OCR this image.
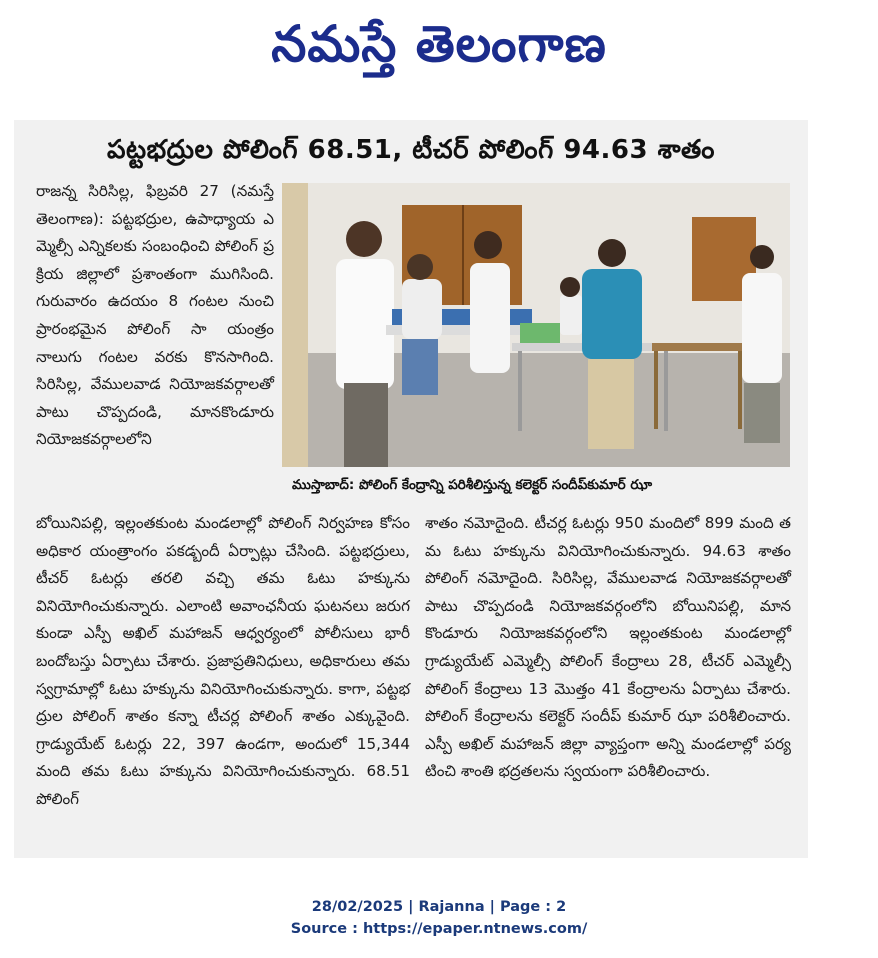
నమస్తే తెలంగాణ
పట్టభద్రుల పోలింగ్ 68.51, టీచర్ పోలింగ్ 94.63 శాతం
రాజన్న సిరిసిల్ల, ఫిబ్రవరి 27 (నమస్తే తెలంగాణ): పట్టభద్రుల, ఉపాధ్యాయ ఎమ్మెల్సీ ఎన్నికలకు సంబంధించి పోలింగ్ ప్రక్రియ జిల్లాలో ప్రశాంతంగా ముగిసింది. గురువారం ఉదయం 8 గంటల నుంచి ప్రారంభమైన పోలింగ్ సా యంత్రం నాలుగు గంటల వరకు కొనసాగింది. సిరిసిల్ల, వేములవాడ నియోజకవర్గాలతో పాటు చొప్పదండి, మానకొండూరు నియోజకవర్గాలలోని
ముస్తాబాద్: పోలింగ్ కేంద్రాన్ని పరిశీలిస్తున్న కలెక్టర్ సందీప్‌కుమార్ ఝా
బోయినిపల్లి, ఇల్లంతకుంట మండలాల్లో పోలింగ్ నిర్వహణ కోసం అధికార యంత్రాంగం పకడ్బందీ ఏర్పాట్లు చేసింది. పట్టభద్రులు, టీచర్ ఓటర్లు తరలి వచ్చి తమ ఓటు హక్కును వినియోగించుకున్నారు. ఎలాంటి అవాంఛనీయ ఘటనలు జరుగకుండా ఎస్పీ అఖిల్ మహాజన్ ఆధ్వర్యంలో పోలీసులు భారీ బందోబస్తు ఏర్పాటు చేశారు. ప్రజాప్రతినిధులు, అధికారులు తమ స్వగ్రామాల్లో ఓటు హక్కును వినియోగించుకున్నారు. కాగా, పట్టభద్రుల పోలింగ్ శాతం కన్నా టీచర్ల పోలింగ్ శాతం ఎక్కువైంది. గ్రాడ్యుయేట్ ఓటర్లు 22, 397 ఉండగా, అందులో 15,344 మంది తమ ఓటు హక్కును వినియోగించుకున్నారు. 68.51 పోలింగ్
శాతం నమోదైంది. టీచర్ల ఓటర్లు 950 మందిలో 899 మంది తమ ఓటు హక్కును వినియోగించుకున్నారు. 94.63 శాతం పోలింగ్ నమోదైంది. సిరిసిల్ల, వేములవాడ నియోజకవర్గాలతో పాటు చొప్పదండి నియోజకవర్గంలోని బోయినిపల్లి, మానకొండూరు నియోజకవర్గంలోని ఇల్లంతకుంట మండలాల్లో గ్రాడ్యుయేట్ ఎమ్మెల్సీ పోలింగ్ కేంద్రాలు 28, టీచర్ ఎమ్మెల్సీ పోలింగ్ కేంద్రాలు 13 మొత్తం 41 కేంద్రాలను ఏర్పాటు చేశారు. పోలింగ్ కేంద్రాలను కలెక్టర్ సందీప్ కుమార్ ఝా పరిశీలించారు. ఎస్పీ అఖిల్ మహాజన్ జిల్లా వ్యాప్తంగా అన్ని మండలాల్లో పర్యటించి శాంతి భద్రతలను స్వయంగా పరిశీలించారు.
28/02/2025 | Rajanna | Page : 2
Source : https://epaper.ntnews.com/
